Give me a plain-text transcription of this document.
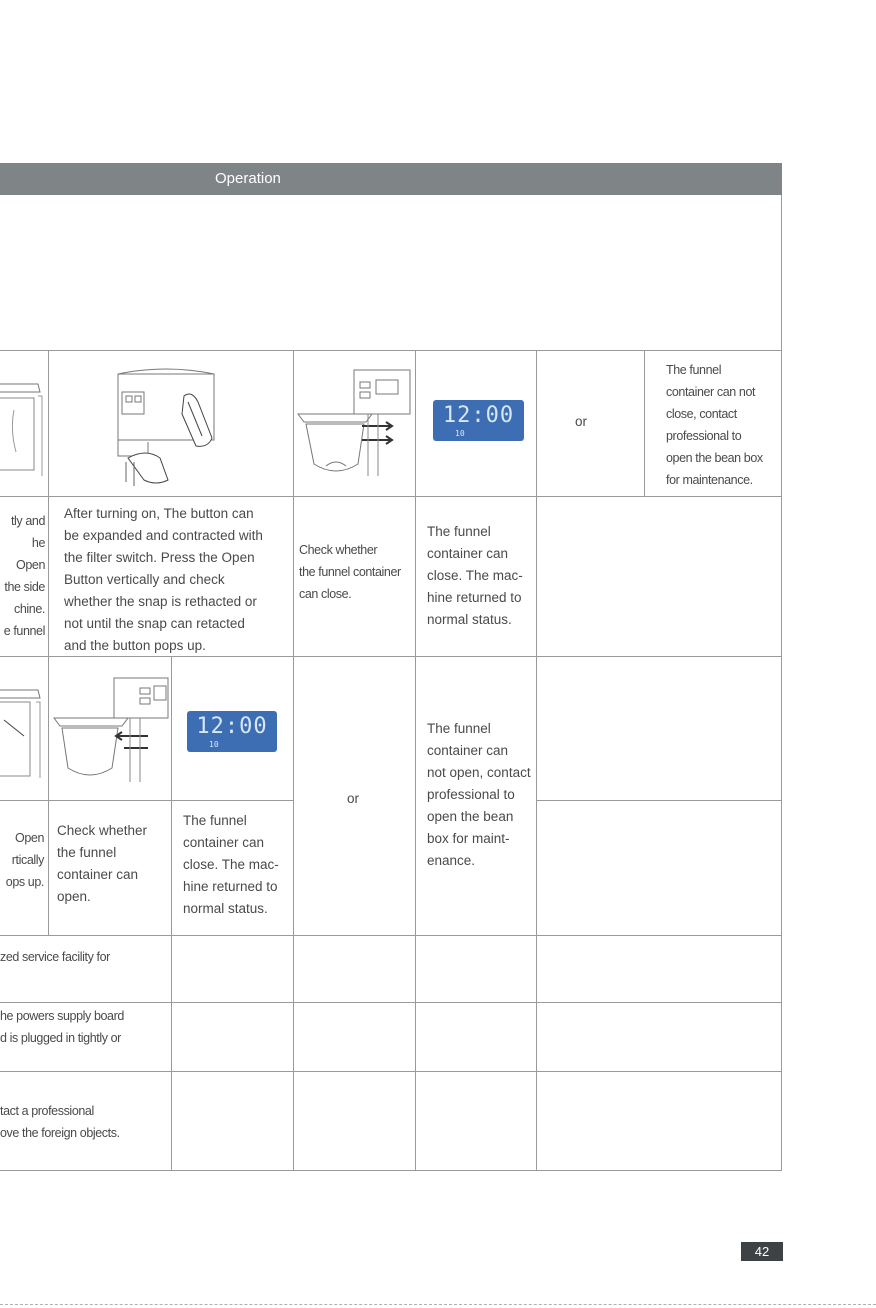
Operation
12:00
10
or
The funnel
container can not
close, contact
professional to
open the bean box
for maintenance.
tly and
he Open
the side
chine.
e funnel
After turning on, The button can
be expanded and contracted with
the filter switch. Press the Open
Button vertically and check
whether the snap is rethacted or
not until the snap can retacted
and the button pops up.
Check whether
the funnel container
can close.
The funnel
container can
close. The mac-
hine returned to
normal status.
12:00
10
or
The funnel
container can
not open, contact
professional to
open the bean
box for maint-
enance.
Open
rtically
ops up.
Check whether
the funnel
container can
open.
The funnel
container can
close. The mac-
hine returned to
normal status.
zed service facility for
he powers supply board
d is plugged in tightly or
tact a professional
ove the foreign objects.
42
